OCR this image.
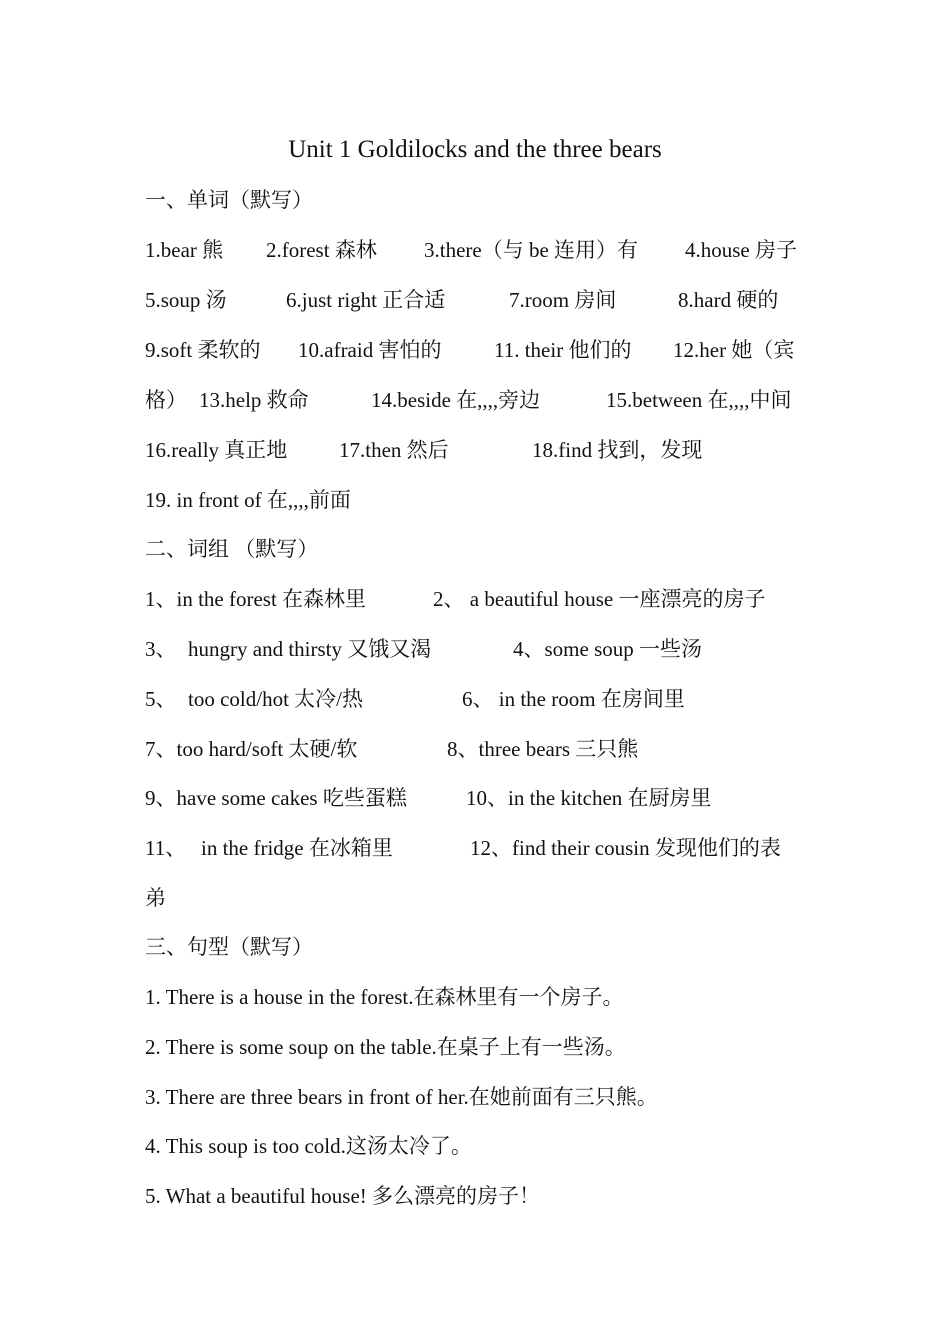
Unit 1 Goldilocks and the three bears
一、单词（默写）
1.bear 熊 2.forest 森林 3.there（与 be 连用）有 4.house 房子
5.soup 汤	6.just right 正合适	7.room 房间	8.hard 硬的
9.soft 柔软的 10.afraid 害怕的	11. their 他们的 12.her 她（宾
格） 13.help 救命	14.beside 在,,,,旁边	15.between 在,,,,中间
16.really 真正地 17.then 然后	18.find 找到，发现
19. in front of 在,,,,前面
二、词组 （默写）
1、in the forest 在森林里	2、 a beautiful house 一座漂亮的房子
3、 hungry and thirsty 又饿又渴	4、some soup 一些汤
5、 too cold/hot 太冷/热	6、 in the room 在房间里
7、too hard/soft 太硬/软	8、three bears 三只熊
9、have some cakes 吃些蛋糕	10、in the kitchen 在厨房里
11、 in the fridge 在冰箱里	12、find their cousin 发现他们的表
弟
三、句型（默写）
1. There is a house in the forest.在森林里有一个房子。
2. There is some soup on the table.在桌子上有一些汤。
3. There are three bears in front of her.在她前面有三只熊。
4. This soup is too cold.这汤太冷了。
5. What a beautiful house! 多么漂亮的房子！
